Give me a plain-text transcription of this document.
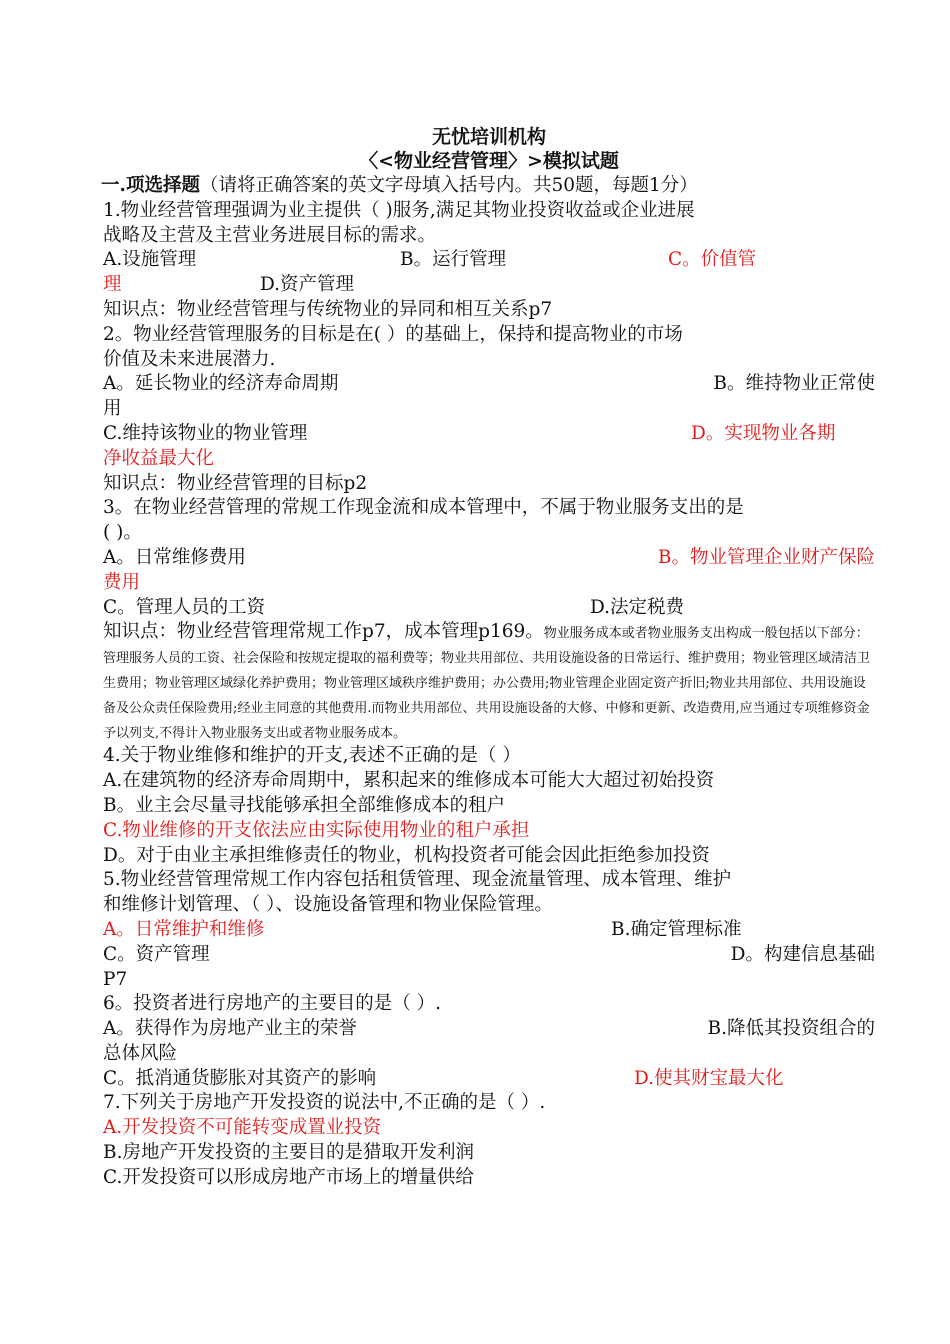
无忧培训机构

〈<物业经营管理〉>模拟试题

一.项选择题（请将正确答案的英文字母填入括号内。共50题，每题1分）

1.物业经营管理强调为业主提供（ )服务,满足其物业投资收益或企业进展

战略及主营及主营业务进展目标的需求。

A.设施管理	B。运行管理	C。价值管

理	D.资产管理

知识点：物业经营管理与传统物业的异同和相互关系p7

2。物业经营管理服务的目标是在( ）的基础上，保持和提高物业的市场

价值及未来进展潜力.

A。延长物业的经济寿命周期	B。维持物业正常使

用

C.维持该物业的物业管理	D。实现物业各期

净收益最大化

知识点：物业经营管理的目标p2

3。在物业经营管理的常规工作现金流和成本管理中，不属于物业服务支出的是

( )。

A。日常维修费用	B。物业管理企业财产保险

费用

C。管理人员的工资	D.法定税费

知识点：物业经营管理常规工作p7，成本管理p169。物业服务成本或者物业服务支出构成一般包括以下部分：管理服务人员的工资、社会保险和按规定提取的福利费等；物业共用部位、共用设施设备的日常运行、维护费用；物业管理区域清洁卫生费用；物业管理区域绿化养护费用；物业管理区域秩序维护费用；办公费用;物业管理企业固定资产折旧;物业共用部位、共用设施设备及公众责任保险费用;经业主同意的其他费用.而物业共用部位、共用设施设备的大修、中修和更新、改造费用,应当通过专项维修资金予以列支,不得计入物业服务支出或者物业服务成本。

4.关于物业维修和维护的开支,表述不正确的是（ ）

A.在建筑物的经济寿命周期中，累积起来的维修成本可能大大超过初始投资

B。业主会尽量寻找能够承担全部维修成本的租户

C.物业维修的开支依法应由实际使用物业的租户承担

D。对于由业主承担维修责任的物业，机构投资者可能会因此拒绝参加投资

5.物业经营管理常规工作内容包括租赁管理、现金流量管理、成本管理、维护

和维修计划管理、（ ）、设施设备管理和物业保险管理。

A。日常维护和维修	B.确定管理标准

C。资产管理	D。构建信息基础

P7

6。投资者进行房地产的主要目的是（ ）.

A。获得作为房地产业主的荣誉	B.降低其投资组合的

总体风险

C。抵消通货膨胀对其资产的影响	D.使其财宝最大化

7.下列关于房地产开发投资的说法中,不正确的是（ ）.

A.开发投资不可能转变成置业投资

B.房地产开发投资的主要目的是猎取开发利润

C.开发投资可以形成房地产市场上的增量供给
